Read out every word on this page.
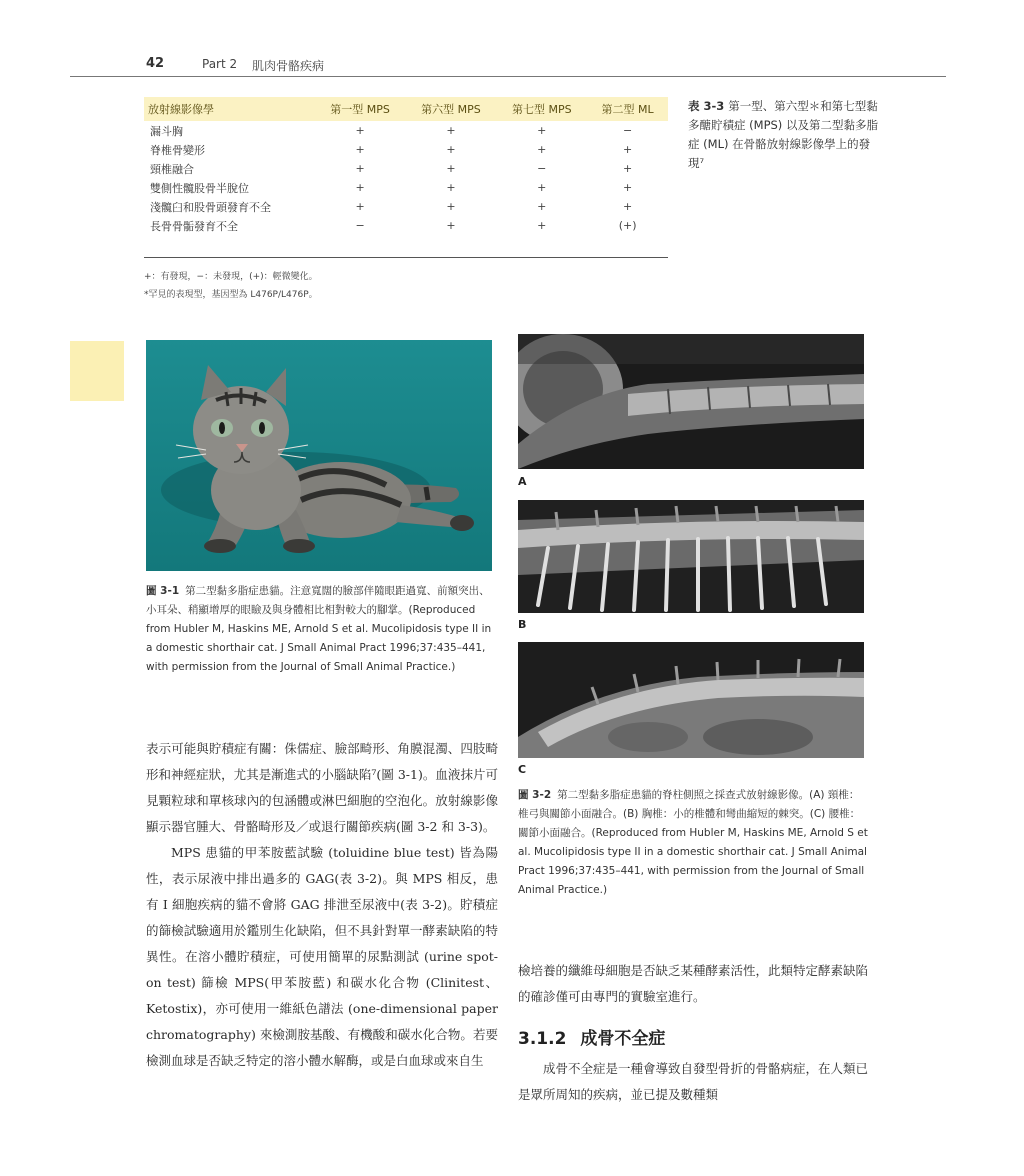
42	Part 2 肌肉骨骼疾病
放射線影像學	第一型 MPS	第六型 MPS	第七型 MPS	第二型 ML
漏斗胸	+	+	+	−
脊椎骨變形	+	+	+	+
頸椎融合	+	+	−	+
雙側性髖股骨半脫位	+	+	+	+
淺髖臼和股骨頭發育不全	+	+	+	+
長骨骨骺發育不全	−	+	+	(+)
+：有發現，−：未發現，(+)：輕微變化。
*罕見的表現型，基因型為 L476P/L476P。
表 3-3 第一型、第六型＊和第七型黏多醣貯積症 (MPS) 以及第二型黏多脂症 (ML) 在骨骼放射線影像學上的發現⁷
圖 3-1 第二型黏多脂症患貓。注意寬闊的臉部伴隨眼距過寬、前額突出、小耳朵、稍顯增厚的眼瞼及與身體相比相對較大的腳掌。(Reproduced from Hubler M, Haskins ME, Arnold S et al. Mucolipidosis type II in a domestic shorthair cat. J Small Animal Pract 1996;37:435–441, with permission from the Journal of Small Animal Practice.)
A
B
C
圖 3-2 第二型黏多脂症患貓的脊柱側照之採查式放射線影像。(A) 頸椎：椎弓與關節小面融合。(B) 胸椎：小的椎體和彎曲縮短的棘突。(C) 腰椎：關節小面融合。(Reproduced from Hubler M, Haskins ME, Arnold S et al. Mucolipidosis type II in a domestic shorthair cat. J Small Animal Pract 1996;37:435–441, with permission from the Journal of Small Animal Practice.)

表示可能與貯積症有關：侏儒症、臉部畸形、角膜混濁、四肢畸形和神經症狀，尤其是漸進式的小腦缺陷⁷(圖 3-1)。血液抹片可見顆粒球和單核球內的包涵體或淋巴細胞的空泡化。放射線影像顯示器官腫大、骨骼畸形及／或退行關節疾病(圖 3-2 和 3-3)。

MPS 患貓的甲苯胺藍試驗 (toluidine blue test) 皆為陽性，表示尿液中排出過多的 GAG(表 3-2)。與 MPS 相反，患有 I 細胞疾病的貓不會將 GAG 排泄至尿液中(表 3-2)。貯積症的篩檢試驗適用於鑑別生化缺陷，但不具針對單一酵素缺陷的特異性。在溶小體貯積症，可使用簡單的尿點測試 (urine spot-on test) 篩檢 MPS(甲苯胺藍) 和碳水化合物 (Clinitest、Ketostix)，亦可使用一維紙色譜法 (one-dimensional paper chromatography) 來檢測胺基酸、有機酸和碳水化合物。若要檢測血球是否缺乏特定的溶小體水解酶，或是白血球或來自生

檢培養的纖維母細胞是否缺乏某種酵素活性，此類特定酵素缺陷的確診僅可由專門的實驗室進行。

3.1.2 成骨不全症

成骨不全症是一種會導致自發型骨折的骨骼病症，在人類已是眾所周知的疾病，並已提及數種類
